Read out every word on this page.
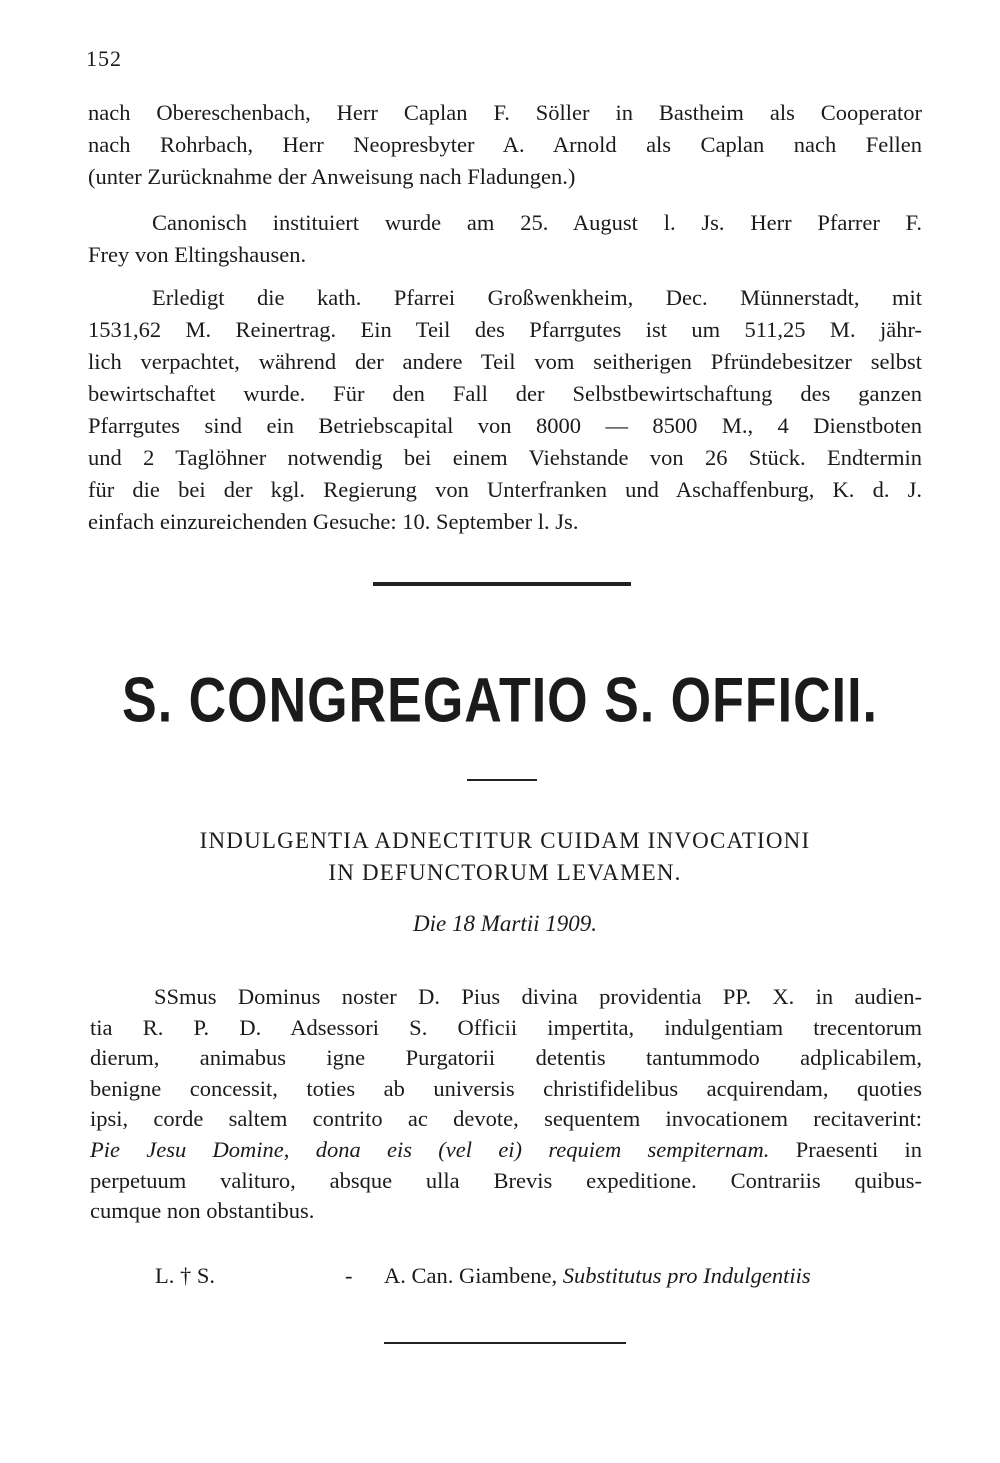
152
nach Obereschenbach, Herr Caplan F. Söller in Bastheim als Cooperator
nach Rohrbach, Herr Neopresbyter A. Arnold als Caplan nach Fellen
(unter Zurücknahme der Anweisung nach Fladungen.)
Canonisch instituiert wurde am 25. August l. Js. Herr Pfarrer F.
Frey von Eltingshausen.
Erledigt die kath. Pfarrei Großwenkheim, Dec. Münnerstadt, mit
1531,62 M. Reinertrag. Ein Teil des Pfarrgutes ist um 511,25 M. jähr-
lich verpachtet, während der andere Teil vom seitherigen Pfründebesitzer selbst
bewirtschaftet wurde. Für den Fall der Selbstbewirtschaftung des ganzen
Pfarrgutes sind ein Betriebscapital von 8000 — 8500 M., 4 Dienstboten
und 2 Taglöhner notwendig bei einem Viehstande von 26 Stück. Endtermin
für die bei der kgl. Regierung von Unterfranken und Aschaffenburg, K. d. J.
einfach einzureichenden Gesuche: 10. September l. Js.
S. CONGREGATIO S. OFFICII.
INDULGENTIA ADNECTITUR CUIDAM INVOCATIONI
IN DEFUNCTORUM LEVAMEN.
Die 18 Martii 1909.
SSmus Dominus noster D. Pius divina providentia PP. X. in audien-
tia R. P. D. Adsessori S. Officii impertita, indulgentiam trecentorum
dierum, animabus igne Purgatorii detentis tantummodo adplicabilem,
benigne concessit, toties ab universis christifidelibus acquirendam, quoties
ipsi, corde saltem contrito ac devote, sequentem invocationem recitaverint:
Pie Jesu Domine, dona eis (vel ei) requiem sempiternam. Praesenti in
perpetuum valituro, absque ulla Brevis expeditione. Contrariis quibus-
cumque non obstantibus.
L. † S.	- A. Can. Giambene, Substitutus pro Indulgentiis
